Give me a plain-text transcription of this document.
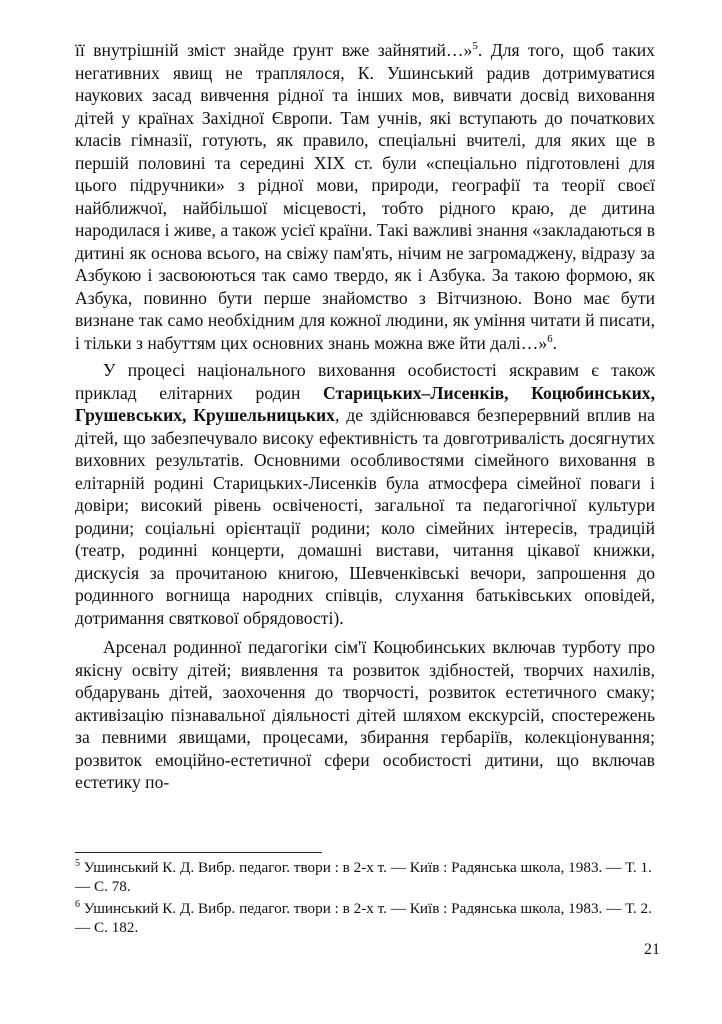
її внутрішній зміст знайде ґрунт вже зайнятий…»$^5$. Для того, щоб таких негативних явищ не траплялося, К. Ушинський радив дотримуватися наукових засад вивчення рідної та інших мов, вивчати досвід виховання дітей у країнах Західної Європи. Там учнів, які вступають до початкових класів гімназії, готують, як правило, спеціальні вчителі, для яких ще в першій половині та середині ХІХ ст. були «спеціально підготовлені для цього підручники» з рідної мови, природи, географії та теорії своєї найближчої, найбільшої місцевості, тобто рідного краю, де дитина народилася і живе, а також усієї країни. Такі важливі знання «закладаються в дитині як основа всього, на свіжу пам'ять, нічим не загромадженy, відразу за Азбукою і засвоюються так само твердо, як і Азбука. За такою формою, як Азбука, повинно бути перше знайомство з Вітчизною. Воно має бути визнане так само необхідним для кожної людини, як уміння читати й писати, і тільки з набуттям цих основних знань можна вже йти далі…»$^6$.

У процесі національного виховання особистості яскравим є також приклад елітарних родин Старицьких–Лисенків, Коцюбинських, Грушевських, Крушельницьких, де здійснювався безперервний вплив на дітей, що забезпечувало високу ефективність та довготривалість досягнутих виховних результатів. Основними особливостями сімейного виховання в елітарній родині Старицьких-Лисенків була атмосфера сімейної поваги і довіри; високий рівень освіченості, загальної та педагогічної культури родини; соціальні орієнтації родини; коло сімейних інтересів, традицій (театр, родинні концерти, домашні вистави, читання цікавої книжки, дискусія за прочитаною книгою, Шевченківські вечори, запрошення до родинного вогнища народних співців, слухання батьківських оповідей, дотримання святкової обрядовості).

Арсенал родинної педагогіки сім'ї Коцюбинських включав турботу про якісну освіту дітей; виявлення та розвиток здібностей, творчих нахилів, обдарувань дітей, заохочення до творчості, розвиток естетичного смаку; активізацію пізнавальної діяльності дітей шляхом екскурсій, спостережень за певними явищами, процесами, збирання гербаріїв, колекціонування; розвиток емоційно-естетичної сфери особистості дитини, що включав естетику по-

$^5$ Ушинський К. Д. Вибр. педагог. твори : в 2-х т. — Київ : Радянська школа, 1983. — Т. 1. — С. 78.

$^6$ Ушинський К. Д. Вибр. педагог. твори : в 2-х т. — Київ : Радянська школа, 1983. — Т. 2. — С. 182.

21
